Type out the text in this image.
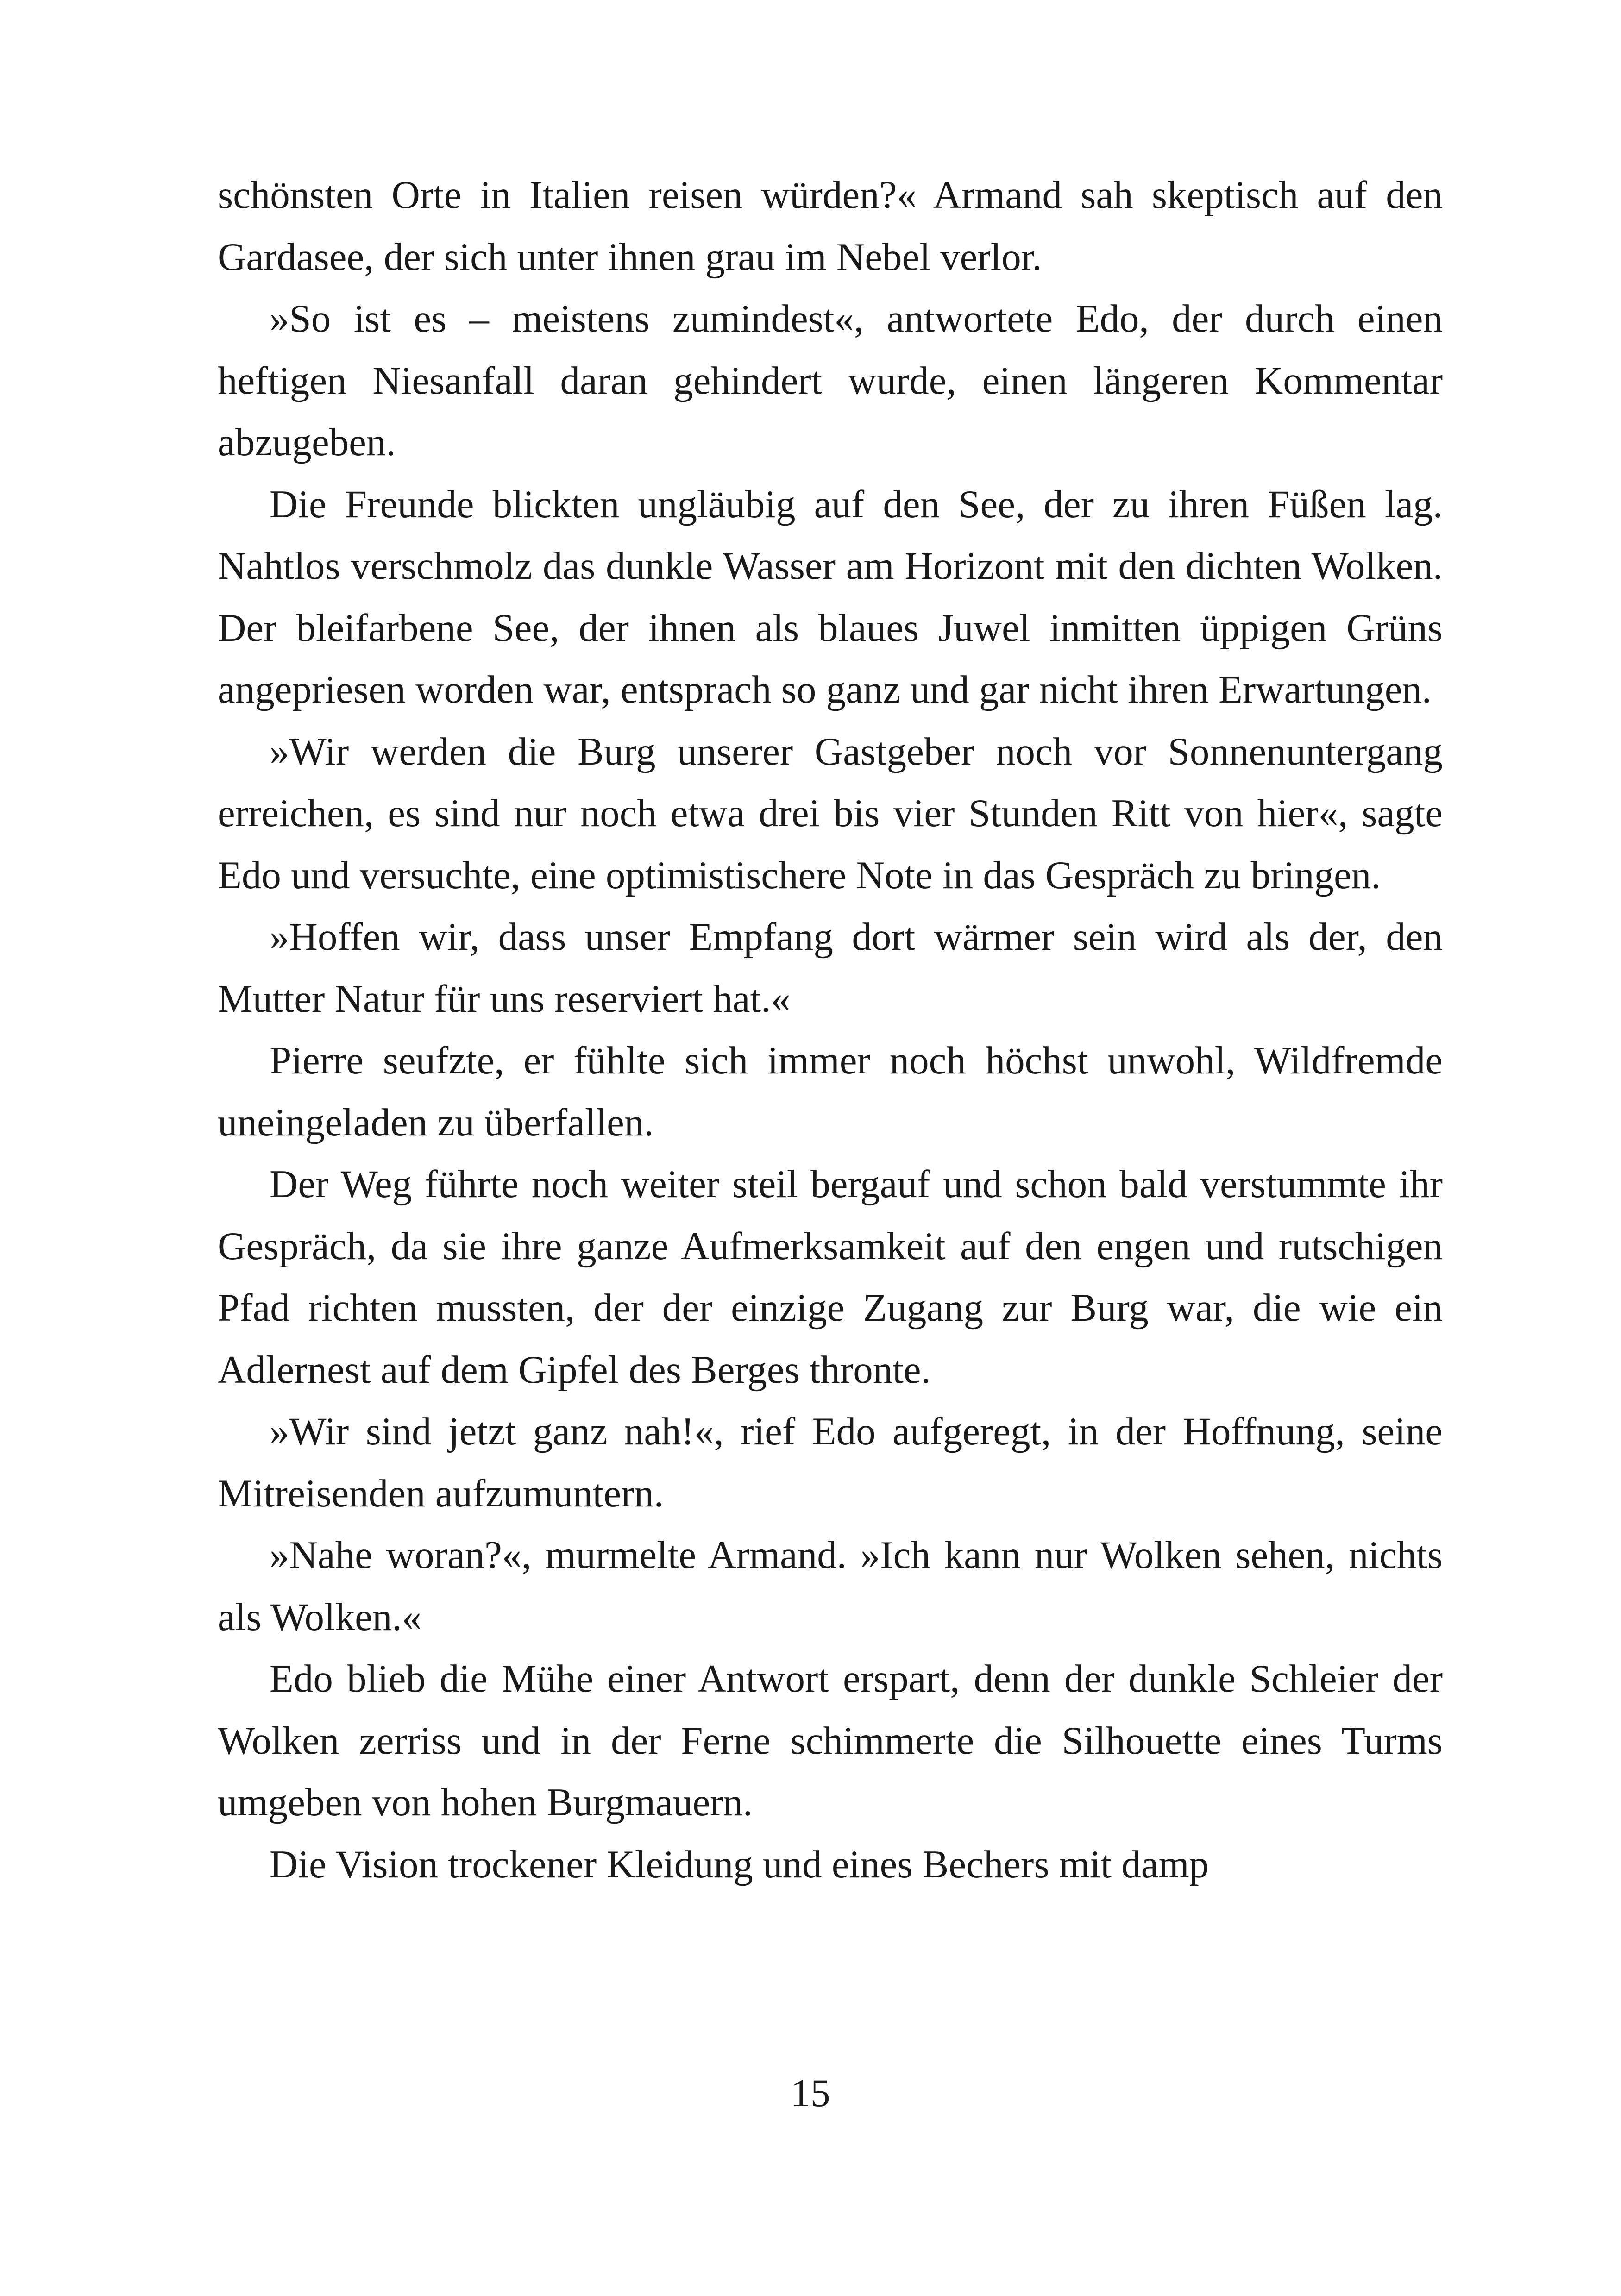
schönsten Orte in Italien reisen würden?« Armand sah skeptisch auf den Gardasee, der sich unter ihnen grau im Nebel verlor.

»So ist es – meistens zumindest«, antwortete Edo, der durch einen heftigen Niesanfall daran gehindert wurde, einen längeren Kommentar abzugeben.

Die Freunde blickten ungläubig auf den See, der zu ihren Füßen lag. Nahtlos verschmolz das dunkle Wasser am Horizont mit den dichten Wolken. Der bleifarbene See, der ihnen als blaues Juwel inmitten üppigen Grüns angepriesen worden war, entsprach so ganz und gar nicht ihren Erwartungen.

»Wir werden die Burg unserer Gastgeber noch vor Sonnenuntergang erreichen, es sind nur noch etwa drei bis vier Stunden Ritt von hier«, sagte Edo und versuchte, eine optimistischere Note in das Gespräch zu bringen.

»Hoffen wir, dass unser Empfang dort wärmer sein wird als der, den Mutter Natur für uns reserviert hat.«

Pierre seufzte, er fühlte sich immer noch höchst unwohl, Wildfremde uneingeladen zu überfallen.

Der Weg führte noch weiter steil bergauf und schon bald verstummte ihr Gespräch, da sie ihre ganze Aufmerksamkeit auf den engen und rutschigen Pfad richten mussten, der der einzige Zugang zur Burg war, die wie ein Adlernest auf dem Gipfel des Berges thronte.

»Wir sind jetzt ganz nah!«, rief Edo aufgeregt, in der Hoffnung, seine Mitreisenden aufzumuntern.

»Nahe woran?«, murmelte Armand. »Ich kann nur Wolken sehen, nichts als Wolken.«

Edo blieb die Mühe einer Antwort erspart, denn der dunkle Schleier der Wolken zerriss und in der Ferne schimmerte die Silhouette eines Turms umgeben von hohen Burgmauern.

Die Vision trockener Kleidung und eines Bechers mit damp

15
